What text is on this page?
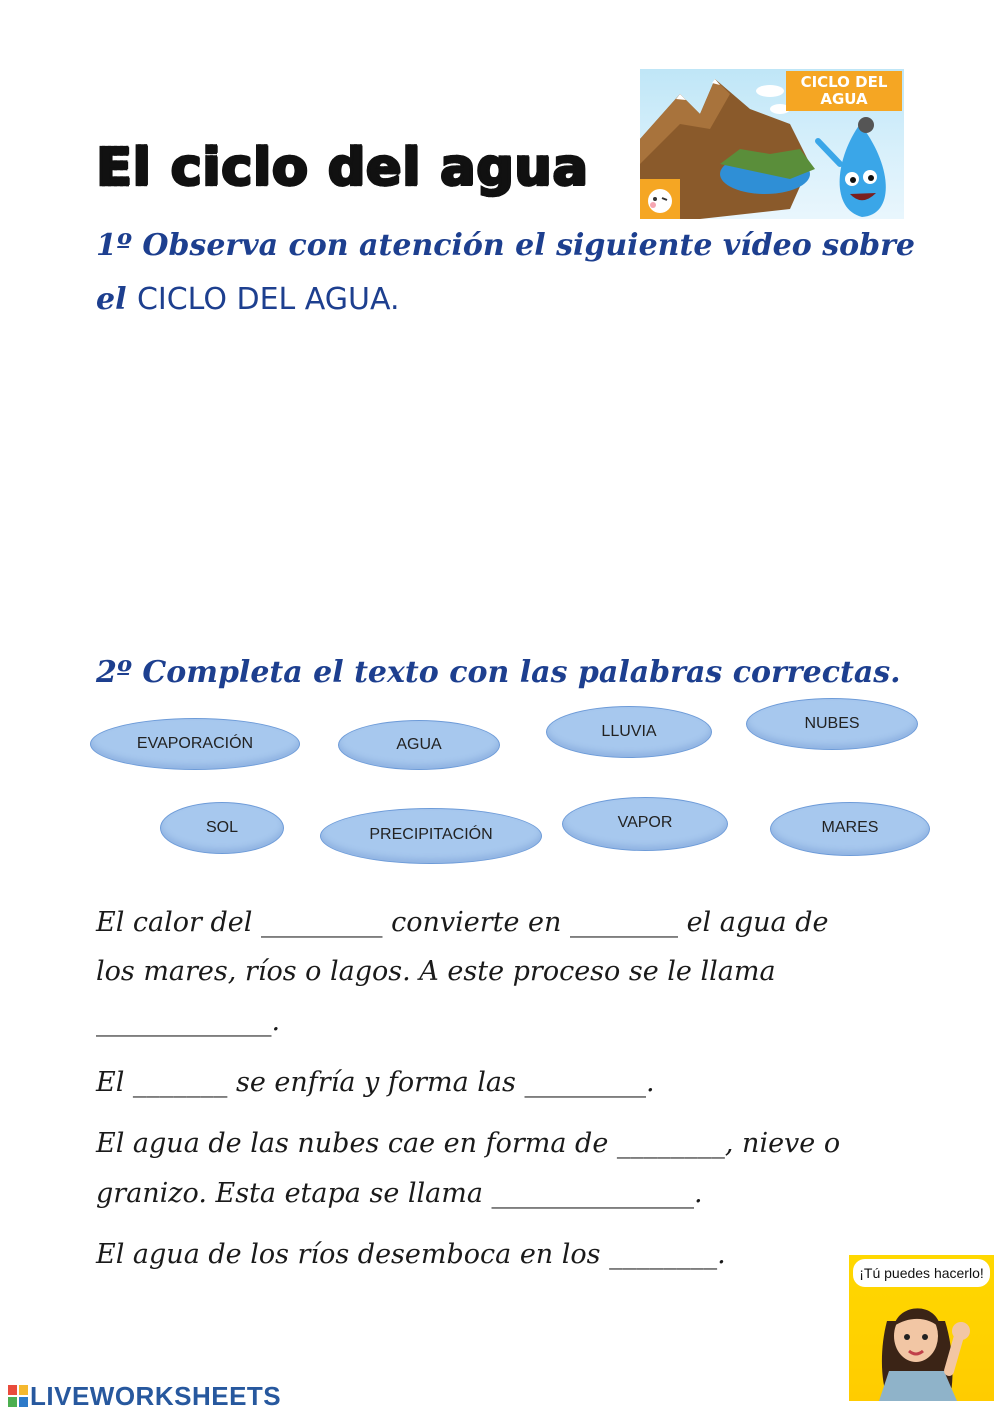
El ciclo del agua
CICLO DEL AGUA
1º Observa con atención el siguiente vídeo sobre
el CICLO DEL AGUA.
2º Completa el texto con las palabras correctas.
EVAPORACIÓN	AGUA
LLUVIA	NUBES
SOL	PRECIPITACIÓN
VAPOR	MARES
El calor del _________ convierte en ________ el agua de
los mares, ríos o lagos. A este proceso se le llama
_____________.
El _______ se enfría y forma las _________.
El agua de las nubes cae en forma de ________, nieve o
granizo. Esta etapa se llama _______________.
El agua de los ríos desemboca en los ________.
¡Tú puedes hacerlo!
LIVEWORKSHEETS
